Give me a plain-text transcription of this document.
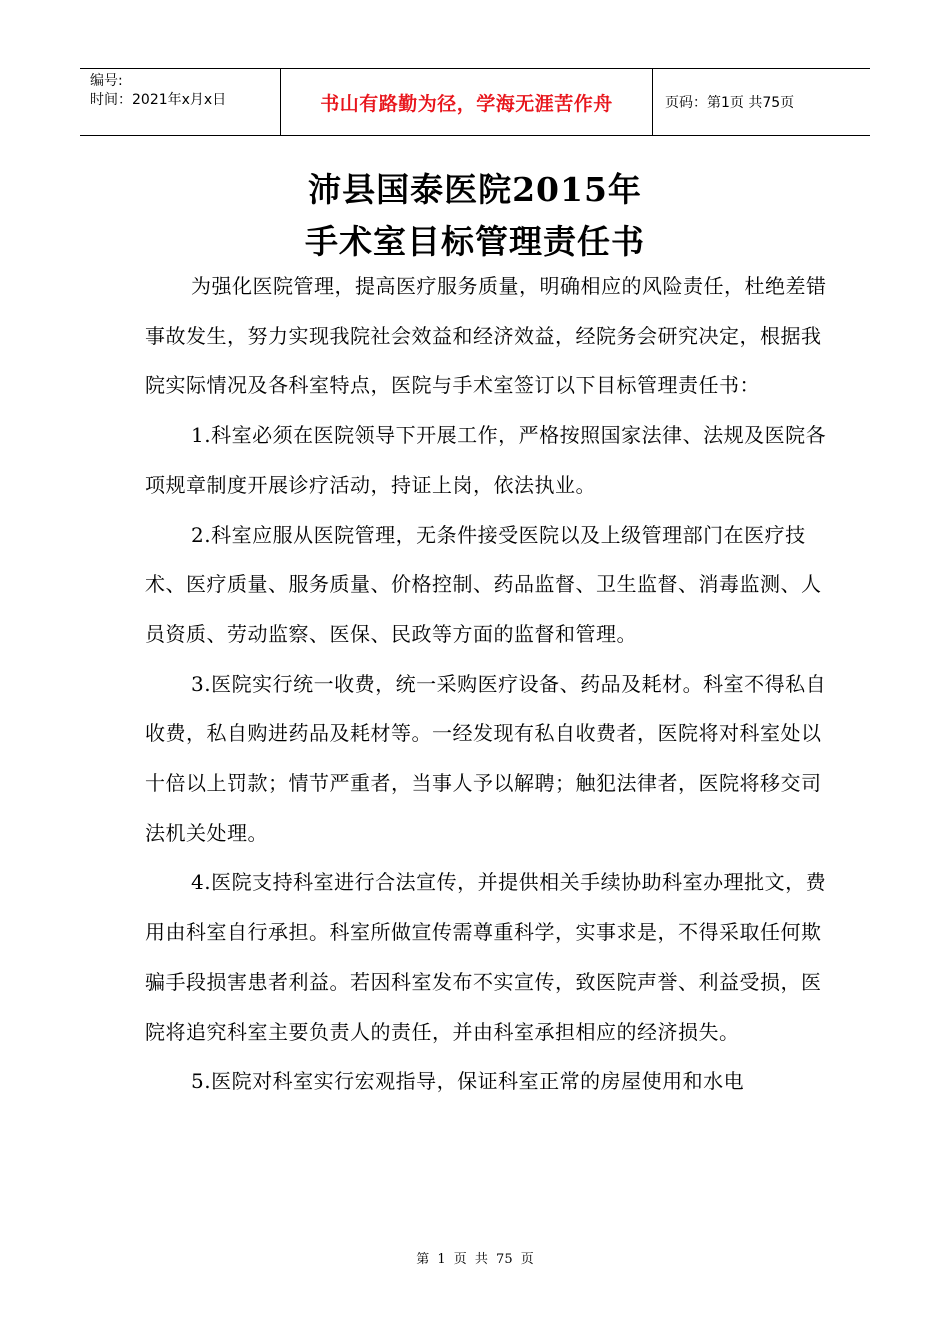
编号:
时间：2021年x月x日	书山有路勤为径，学海无涯苦作舟	页码：第1页 共75页
沛县国泰医院2015年
手术室目标管理责任书

为强化医院管理，提高医疗服务质量，明确相应的风险责任，杜绝差错事故发生，努力实现我院社会效益和经济效益，经院务会研究决定，根据我院实际情况及各科室特点，医院与手术室签订以下目标管理责任书：

1.科室必须在医院领导下开展工作，严格按照国家法律、法规及医院各项规章制度开展诊疗活动，持证上岗，依法执业。

2.科室应服从医院管理，无条件接受医院以及上级管理部门在医疗技术、医疗质量、服务质量、价格控制、药品监督、卫生监督、消毒监测、人员资质、劳动监察、医保、民政等方面的监督和管理。

3.医院实行统一收费，统一采购医疗设备、药品及耗材。科室不得私自收费，私自购进药品及耗材等。一经发现有私自收费者，医院将对科室处以十倍以上罚款；情节严重者，当事人予以解聘；触犯法律者，医院将移交司法机关处理。

4.医院支持科室进行合法宣传，并提供相关手续协助科室办理批文，费用由科室自行承担。科室所做宣传需尊重科学，实事求是，不得采取任何欺骗手段损害患者利益。若因科室发布不实宣传，致医院声誉、利益受损，医院将追究科室主要负责人的责任，并由科室承担相应的经济损失。

5.医院对科室实行宏观指导，保证科室正常的房屋使用和水电

第 1 页 共 75 页
